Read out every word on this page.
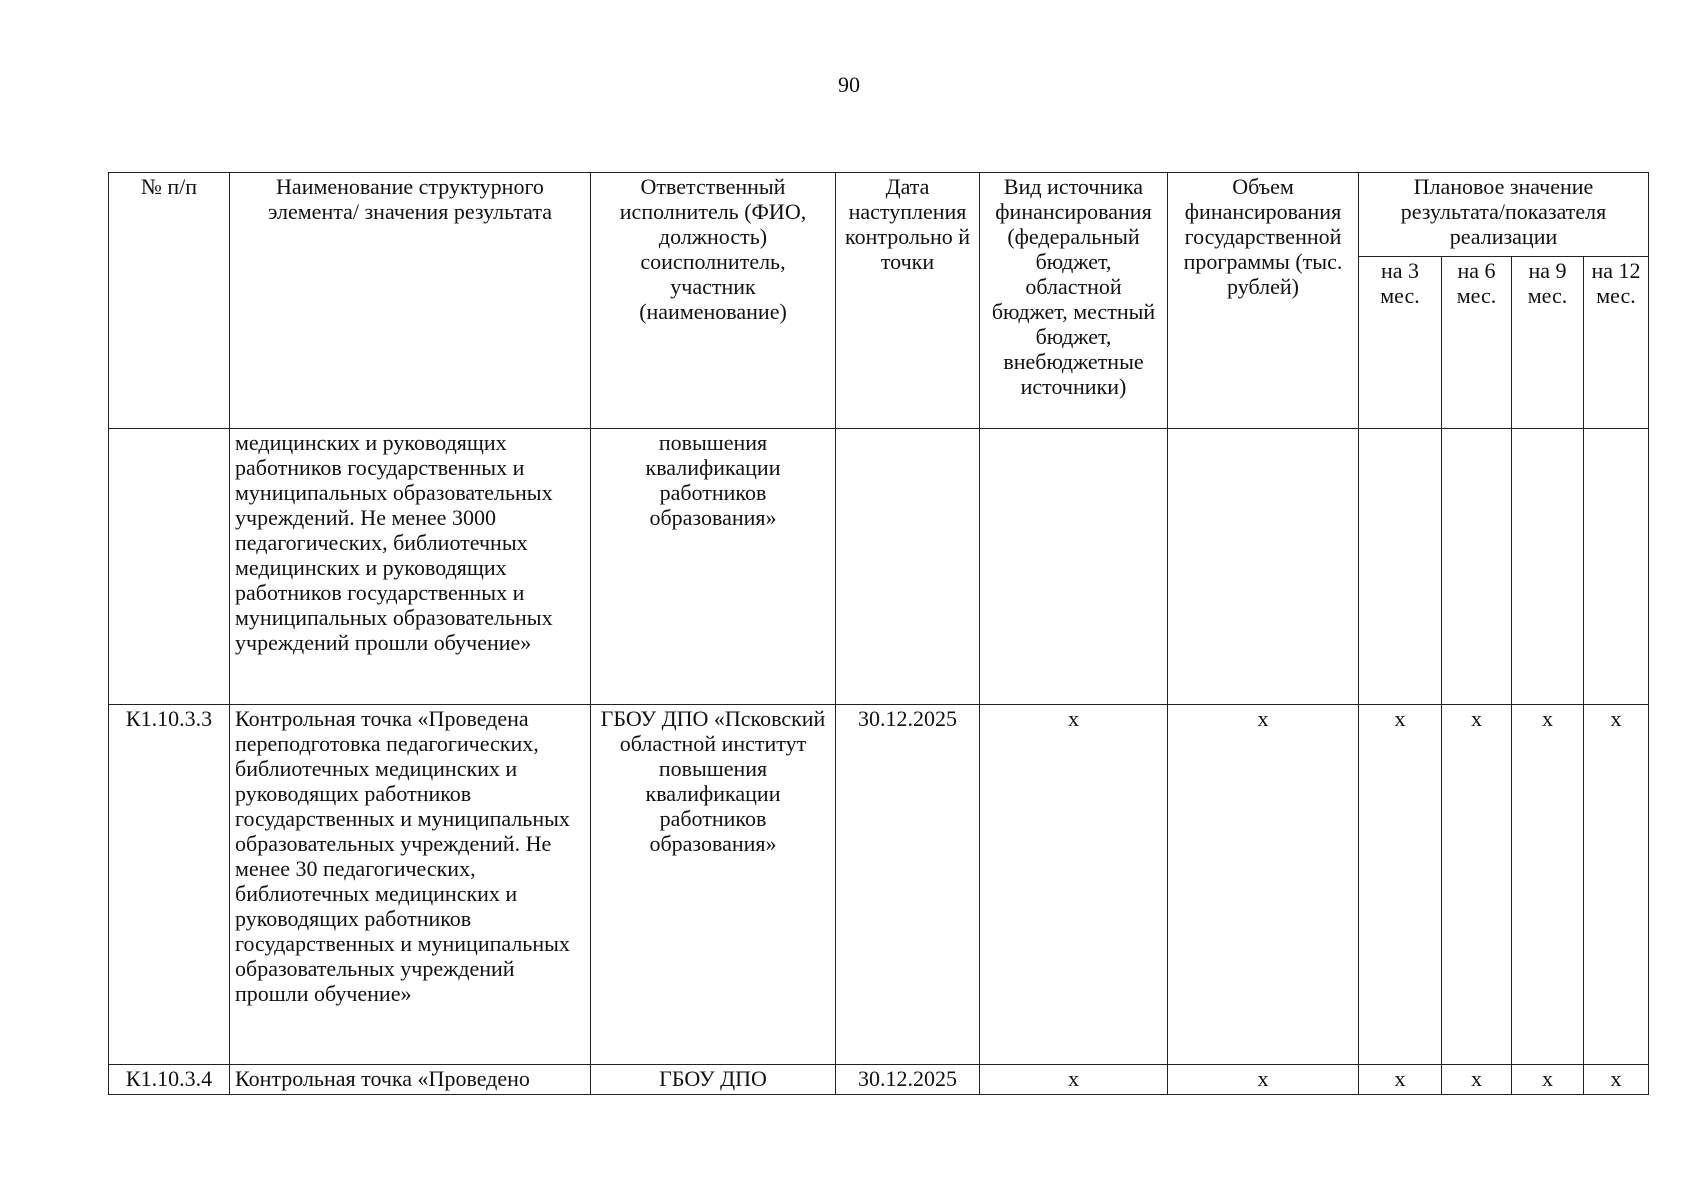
90
№ п/п	Наименование структурного элемента/ значения результата	Ответственный исполнитель (ФИО, должность) соисполнитель, участник (наименование)	Дата наступления контрольно й точки	Вид источника финансирования (федеральный бюджет, областной бюджет, местный бюджет, внебюджетные источники)	Объем финансирования государственной программы (тыс. рублей)	Плановое значение результата/показателя реализации			
						на 3 мес.	на 6 мес.	на 9 мес.	на 12 мес.
	медицинских и руководящих работников государственных и муниципальных образовательных учреждений. Не менее 3000 педагогических, библиотечных медицинских и руководящих работников государственных и муниципальных образовательных учреждений прошли обучение»	повышения квалификации работников образования»							
К1.10.3.3	Контрольная точка «Проведена переподготовка педагогических, библиотечных медицинских и руководящих работников государственных и муниципальных образовательных учреждений. Не менее 30 педагогических, библиотечных медицинских и руководящих работников государственных и муниципальных образовательных учреждений прошли обучение»	ГБОУ ДПО «Псковский областной институт повышения квалификации работников образования»	30.12.2025	х	х	х	х	х	х
К1.10.3.4	Контрольная точка «Проведено	ГБОУ ДПО	30.12.2025	х	х	х	х	х	х
